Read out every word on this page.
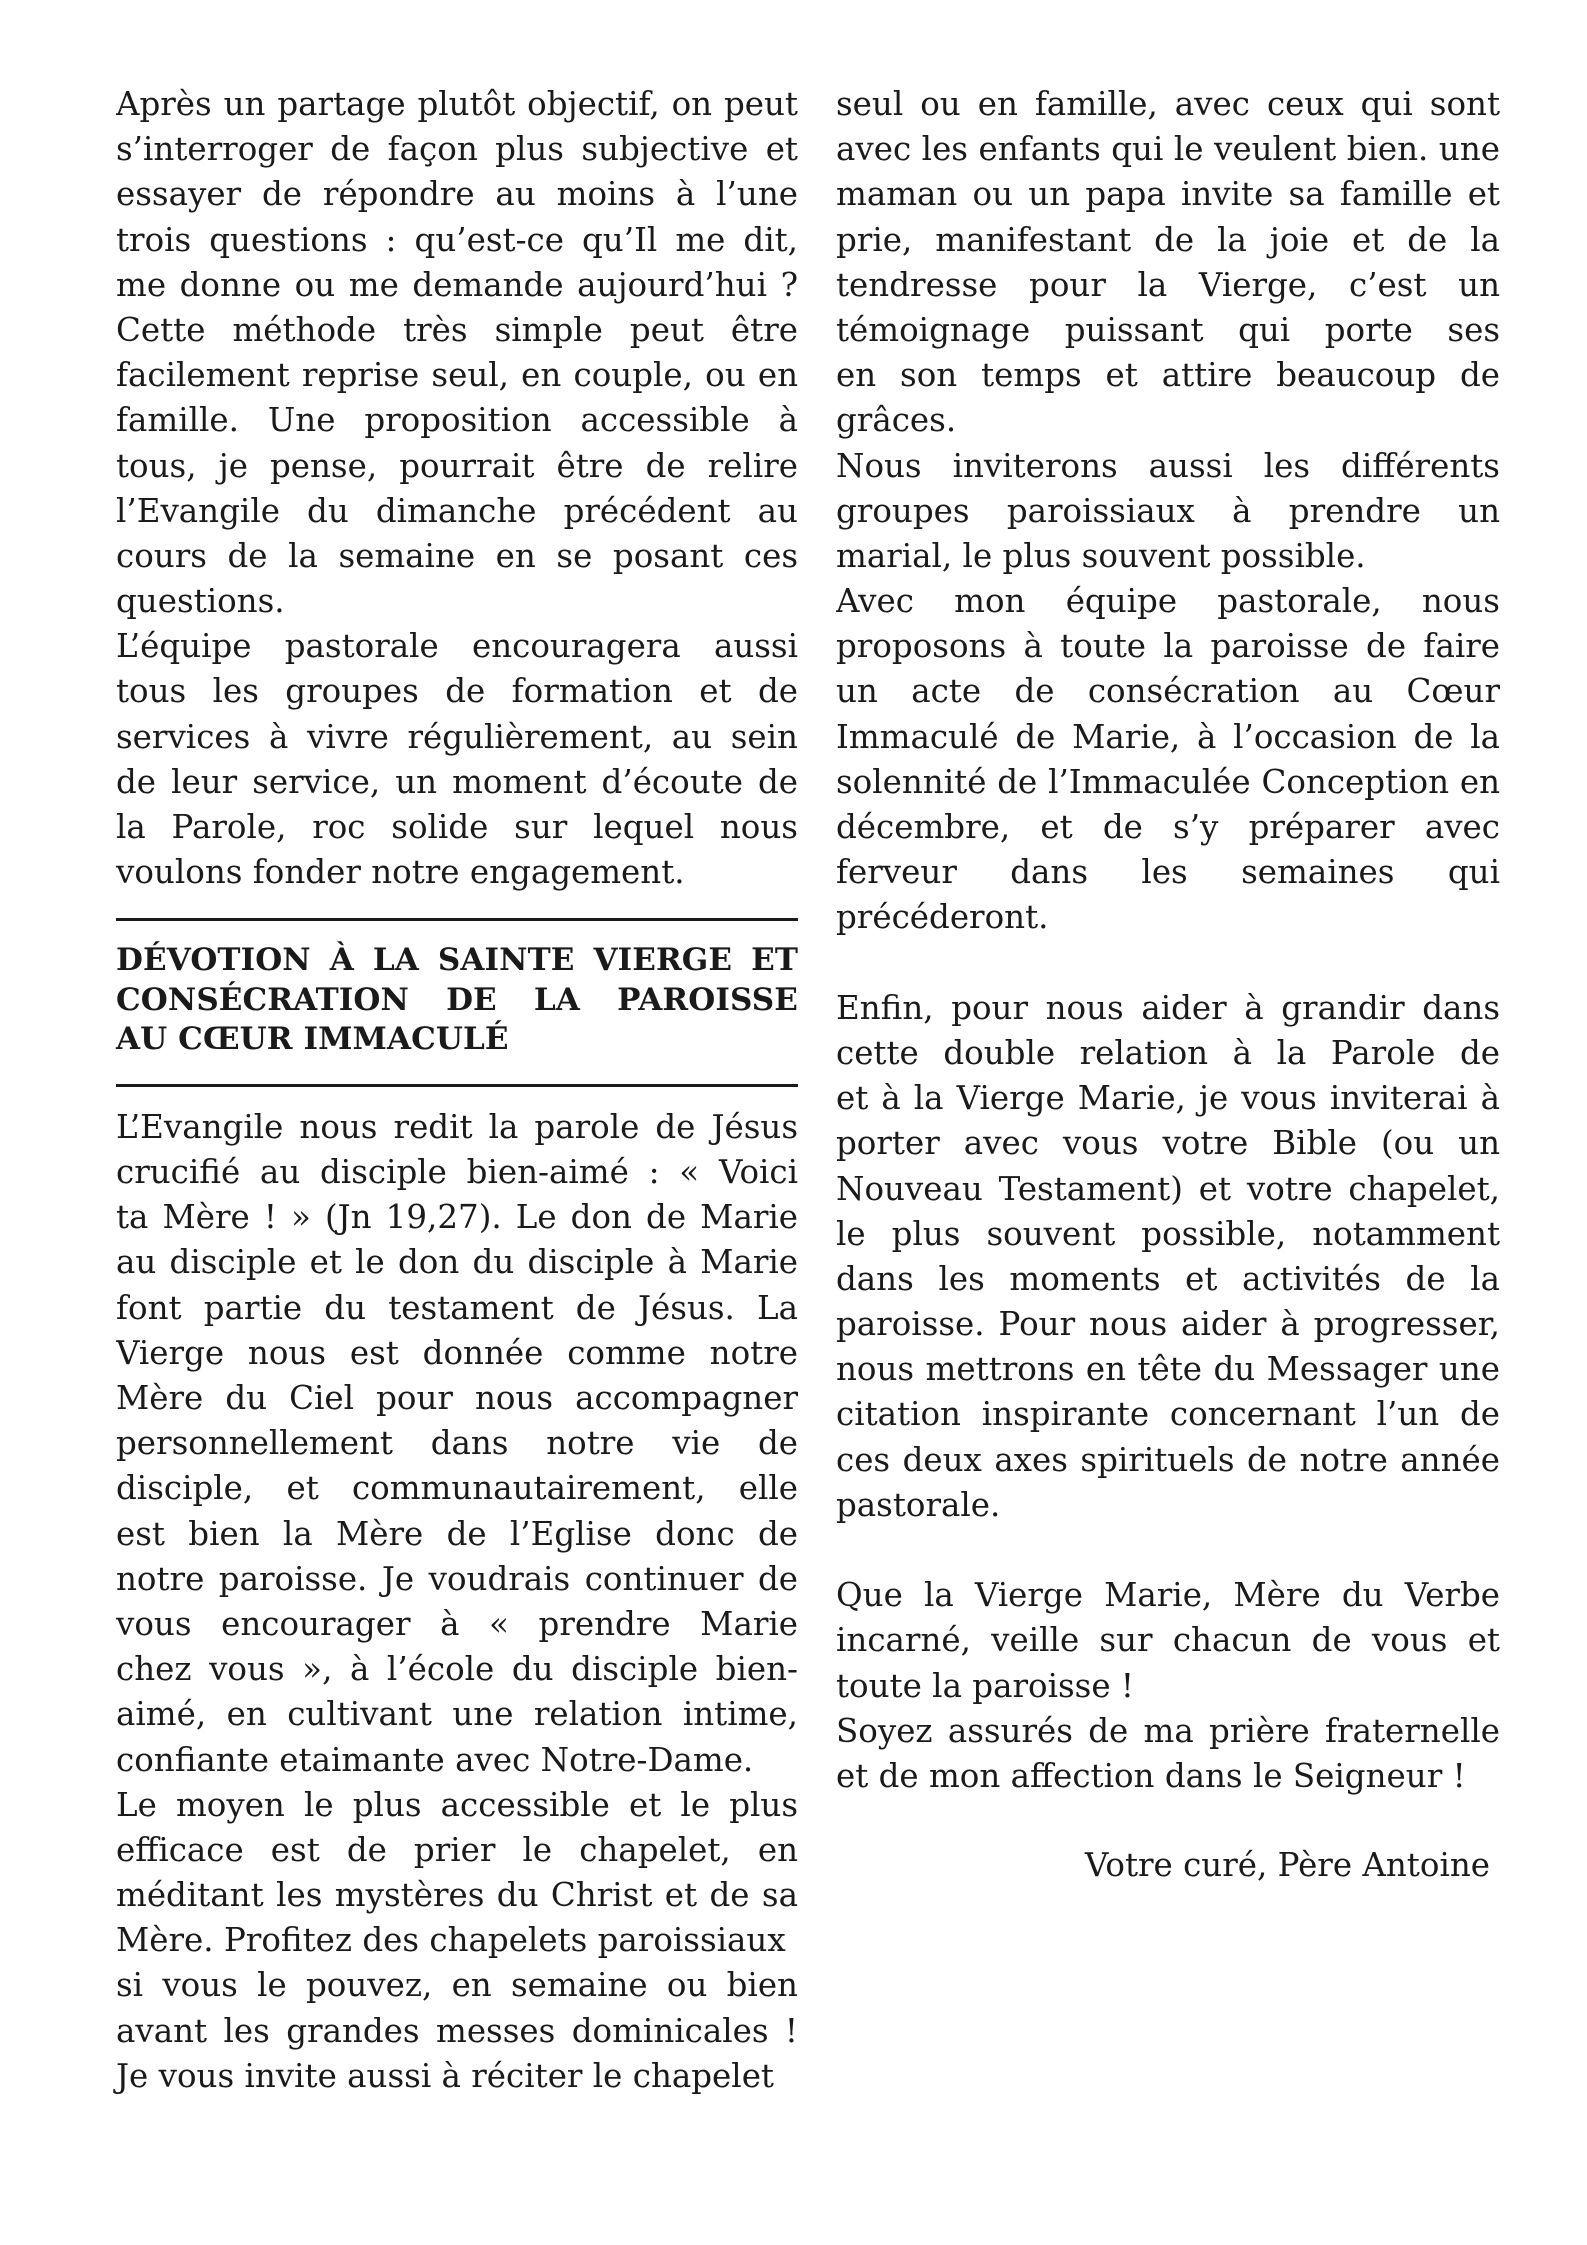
Après un partage plutôt objectif, on peut
s’interroger de façon plus subjective et
essayer de répondre au moins à l’une
trois questions : qu’est-ce qu’Il me dit,
me donne ou me demande aujourd’hui ?
Cette méthode très simple peut être
facilement reprise seul, en couple, ou en
famille. Une proposition accessible à
tous, je pense, pourrait être de relire
l’Evangile du dimanche précédent au
cours de la semaine en se posant ces
questions.
L’équipe pastorale encouragera aussi
tous les groupes de formation et de
services à vivre régulièrement, au sein
de leur service, un moment d’écoute de
la Parole, roc solide sur lequel nous
voulons fonder notre engagement.
DÉVOTION À LA SAINTE VIERGE ET
CONSÉCRATION DE LA PAROISSE
AU CŒUR IMMACULÉ
L’Evangile nous redit la parole de Jésus
crucifié au disciple bien-aimé : « Voici
ta Mère ! » (Jn 19,27). Le don de Marie
au disciple et le don du disciple à Marie
font partie du testament de Jésus. La
Vierge nous est donnée comme notre
Mère du Ciel pour nous accompagner
personnellement dans notre vie de
disciple, et communautairement, elle
est bien la Mère de l’Eglise donc de
notre paroisse. Je voudrais continuer de
vous encourager à « prendre Marie
chez vous », à l’école du disciple bien-
aimé, en cultivant une relation intime,
confiante etaimante avec Notre-Dame.
Le moyen le plus accessible et le plus
efficace est de prier le chapelet, en
méditant les mystères du Christ et de sa
Mère. Profitez des chapelets paroissiaux
si vous le pouvez, en semaine ou bien
avant les grandes messes dominicales !
Je vous invite aussi à réciter le chapelet
seul ou en famille, avec ceux qui sont
avec les enfants qui le veulent bien. une
maman ou un papa invite sa famille et
prie, manifestant de la joie et de la
tendresse pour la Vierge, c’est un
témoignage puissant qui porte ses
en son temps et attire beaucoup de
grâces.
Nous inviterons aussi les différents
groupes paroissiaux à prendre un
marial, le plus souvent possible.
Avec mon équipe pastorale, nous
proposons à toute la paroisse de faire
un acte de consécration au Cœur
Immaculé de Marie, à l’occasion de la
solennité de l’Immaculée Conception en
décembre, et de s’y préparer avec
ferveur dans les semaines qui
précéderont.
Enfin, pour nous aider à grandir dans
cette double relation à la Parole de
et à la Vierge Marie, je vous inviterai à
porter avec vous votre Bible (ou un
Nouveau Testament) et votre chapelet,
le plus souvent possible, notamment
dans les moments et activités de la
paroisse. Pour nous aider à progresser,
nous mettrons en tête du Messager une
citation inspirante concernant l’un de
ces deux axes spirituels de notre année
pastorale.
Que la Vierge Marie, Mère du Verbe
incarné, veille sur chacun de vous et
toute la paroisse !
Soyez assurés de ma prière fraternelle
et de mon affection dans le Seigneur !
Votre curé, Père Antoine
